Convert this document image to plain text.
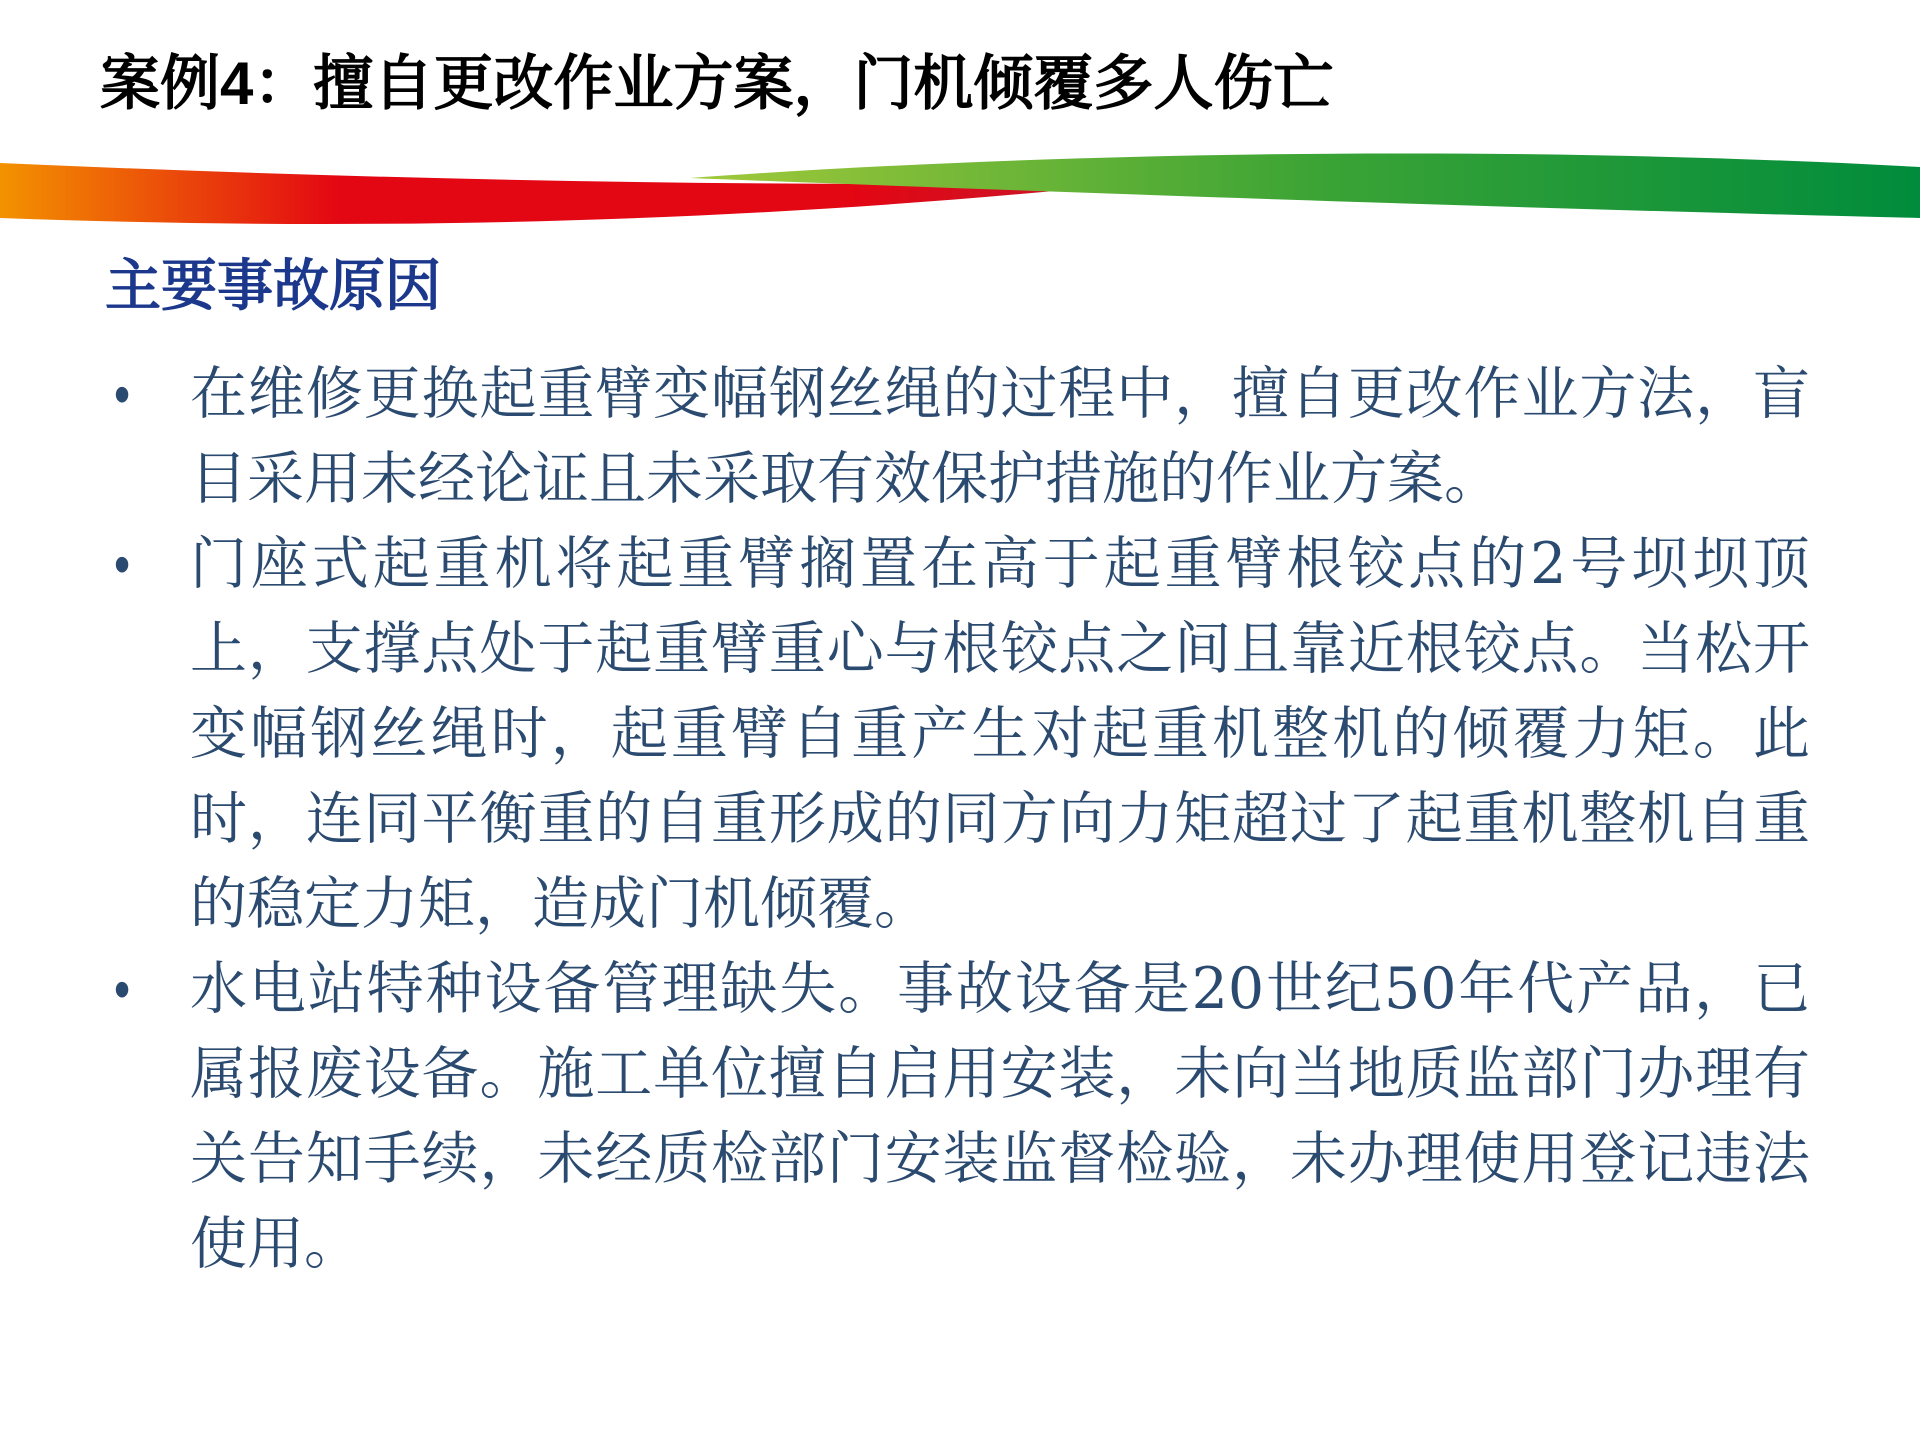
案例4：擅自更改作业方案，门机倾覆多人伤亡
主要事故原因
• 在维修更换起重臂变幅钢丝绳的过程中，擅自更改作业方法，盲目采用未经论证且未采取有效保护措施的作业方案。
• 门座式起重机将起重臂搁置在高于起重臂根铰点的2号坝坝顶上，支撑点处于起重臂重心与根铰点之间且靠近根铰点。当松开变幅钢丝绳时，起重臂自重产生对起重机整机的倾覆力矩。此时，连同平衡重的自重形成的同方向力矩超过了起重机整机自重的稳定力矩，造成门机倾覆。
• 水电站特种设备管理缺失。事故设备是20世纪50年代产品，已属报废设备。施工单位擅自启用安装，未向当地质监部门办理有关告知手续，未经质检部门安装监督检验，未办理使用登记违法使用。
